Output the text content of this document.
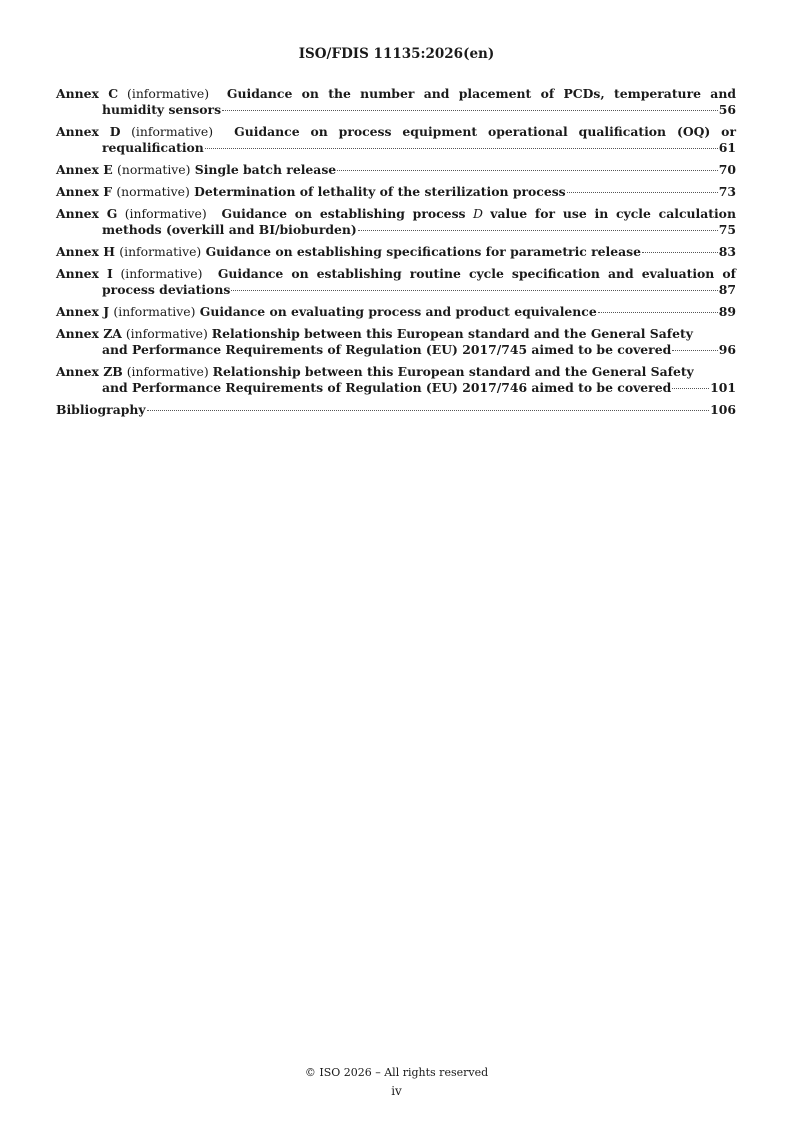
ISO/FDIS 11135:2026(en)
Annex C (informative) Guidance on the number and placement of PCDs, temperature and
humidity sensors	56
Annex D (informative) Guidance on process equipment operational qualification (OQ) or
requalification	61
Annex E (normative) Single batch release	70
Annex F (normative) Determination of lethality of the sterilization process	73
Annex G (informative) Guidance on establishing process D value for use in cycle calculation
methods (overkill and BI/bioburden)	75
Annex H (informative) Guidance on establishing specifications for parametric release	83
Annex I (informative) Guidance on establishing routine cycle specification and evaluation of
process deviations	87
Annex J (informative) Guidance on evaluating process and product equivalence	89
Annex ZA (informative) Relationship between this European standard and the General Safety
and Performance Requirements of Regulation (EU) 2017/745 aimed to be covered	96
Annex ZB (informative) Relationship between this European standard and the General Safety
and Performance Requirements of Regulation (EU) 2017/746 aimed to be covered	101
Bibliography	106
© ISO 2026 – All rights reserved
iv
